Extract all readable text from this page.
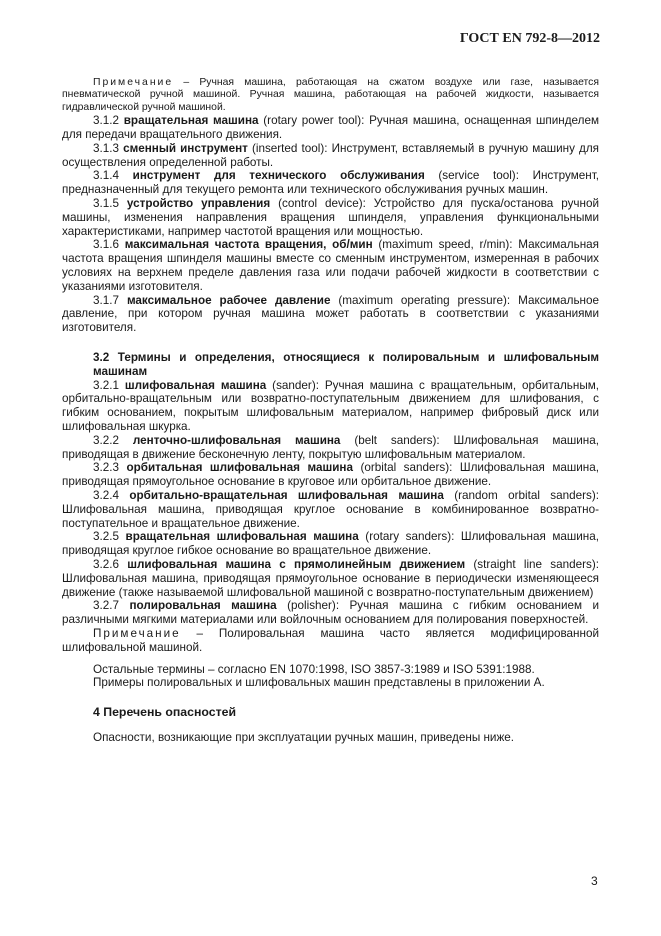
ГОСТ EN 792-8—2012

Примечание – Ручная машина, работающая на сжатом воздухе или газе, называется пневматической ручной машиной. Ручная машина, работающая на рабочей жидкости, называется гидравлической ручной машиной.

3.1.2 вращательная машина (rotary power tool): Ручная машина, оснащенная шпинделем для передачи вращательного движения.

3.1.3 сменный инструмент (inserted tool): Инструмент, вставляемый в ручную машину для осуществления определенной работы.

3.1.4 инструмент для технического обслуживания (service tool): Инструмент, предназначенный для текущего ремонта или технического обслуживания ручных машин.

3.1.5 устройство управления (control device): Устройство для пуска/останова ручной машины, изменения направления вращения шпинделя, управления функциональными характеристиками, например частотой вращения или мощностью.

3.1.6 максимальная частота вращения, об/мин (maximum speed, r/min): Максимальная частота вращения шпинделя машины вместе со сменным инструментом, измеренная в рабочих условиях на верхнем пределе давления газа или подачи рабочей жидкости в соответствии с указаниями изготовителя.

3.1.7 максимальное рабочее давление (maximum operating pressure): Максимальное давление, при котором ручная машина может работать в соответствии с указаниями изготовителя.

3.2 Термины и определения, относящиеся к полировальным и шлифовальным машинам

3.2.1 шлифовальная машина (sander): Ручная машина с вращательным, орбитальным, орбитально-вращательным или возвратно-поступательным движением для шлифования, с гибким основанием, покрытым шлифовальным материалом, например фибровый диск или шлифовальная шкурка.

3.2.2 ленточно-шлифовальная машина (belt sanders): Шлифовальная машина, приводящая в движение бесконечную ленту, покрытую шлифовальным материалом.

3.2.3 орбитальная шлифовальная машина (orbital sanders): Шлифовальная машина, приводящая прямоугольное основание в круговое или орбитальное движение.

3.2.4 орбитально-вращательная шлифовальная машина (random orbital sanders): Шлифовальная машина, приводящая круглое основание в комбинированное возвратно-поступательное и вращательное движение.

3.2.5 вращательная шлифовальная машина (rotary sanders): Шлифовальная машина, приводящая круглое гибкое основание во вращательное движение.

3.2.6 шлифовальная машина с прямолинейным движением (straight line sanders): Шлифовальная машина, приводящая прямоугольное основание в периодически изменяющееся движение (также называемой шлифовальной машиной с возвратно-поступательным движением)

3.2.7 полировальная машина (polisher): Ручная машина с гибким основанием и различными мягкими материалами или войлочным основанием для полирования поверхностей.

Примечание – Полировальная машина часто является модифицированной шлифовальной машиной.

Остальные термины – согласно EN 1070:1998, ISO 3857-3:1989 и ISO 5391:1988.

Примеры полировальных и шлифовальных машин представлены в приложении А.

4 Перечень опасностей

Опасности, возникающие при эксплуатации ручных машин, приведены ниже.

3
